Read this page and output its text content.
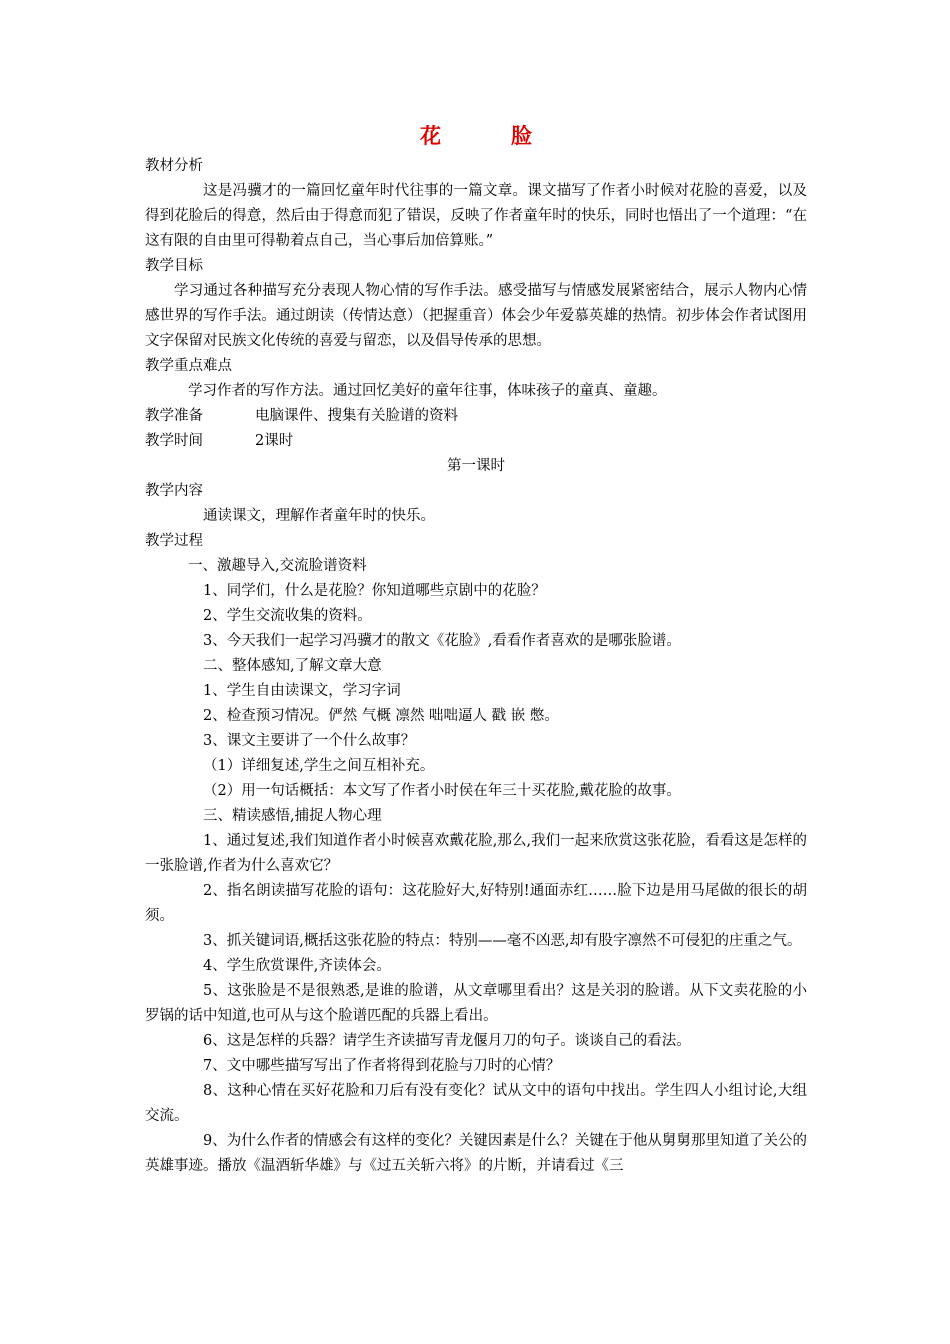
花	脸
教材分析
这是冯骥才的一篇回忆童年时代往事的一篇文章。课文描写了作者小时候对花脸的喜爱，以及得到花脸后的得意，然后由于得意而犯了错误，反映了作者童年时的快乐，同时也悟出了一个道理：“在这有限的自由里可得勒着点自己，当心事后加倍算账。”
教学目标
学习通过各种描写充分表现人物心情的写作手法。感受描写与情感发展紧密结合，展示人物内心情感世界的写作手法。通过朗读（传情达意）（把握重音）体会少年爱慕英雄的热情。初步体会作者试图用文字保留对民族文化传统的喜爱与留恋，以及倡导传承的思想。
教学重点难点
学习作者的写作方法。通过回忆美好的童年往事，体味孩子的童真、童趣。
教学准备	电脑课件、搜集有关脸谱的资料
教学时间	2课时
第一课时
教学内容
通读课文，理解作者童年时的快乐。
教学过程
一、激趣导入,交流脸谱资料
1、同学们，什么是花脸？你知道哪些京剧中的花脸？
2、学生交流收集的资料。
3、今天我们一起学习冯骥才的散文《花脸》,看看作者喜欢的是哪张脸谱。
二、整体感知,了解文章大意
1、学生自由读课文，学习字词
2、检查预习情况。俨然 气概 凛然 咄咄逼人 戳 嵌 憋。
3、课文主要讲了一个什么故事？
（1）详细复述,学生之间互相补充。
（2）用一句话概括：本文写了作者小时侯在年三十买花脸,戴花脸的故事。
三、精读感悟,捕捉人物心理
1、通过复述,我们知道作者小时候喜欢戴花脸,那么,我们一起来欣赏这张花脸，看看这是怎样的一张脸谱,作者为什么喜欢它？
2、指名朗读描写花脸的语句：这花脸好大,好特别!通面赤红……脸下边是用马尾做的很长的胡须。
3、抓关键词语,概括这张花脸的特点：特别——毫不凶恶,却有股字凛然不可侵犯的庄重之气。
4、学生欣赏课件,齐读体会。
5、这张脸是不是很熟悉,是谁的脸谱，从文章哪里看出？这是关羽的脸谱。从下文卖花脸的小罗锅的话中知道,也可从与这个脸谱匹配的兵器上看出。
6、这是怎样的兵器？请学生齐读描写青龙偃月刀的句子。谈谈自己的看法。
7、文中哪些描写写出了作者将得到花脸与刀时的心情？
8、这种心情在买好花脸和刀后有没有变化？试从文中的语句中找出。学生四人小组讨论,大组交流。
9、为什么作者的情感会有这样的变化？关键因素是什么？关键在于他从舅舅那里知道了关公的英雄事迹。播放《温酒斩华雄》与《过五关斩六将》的片断，并请看过《三
